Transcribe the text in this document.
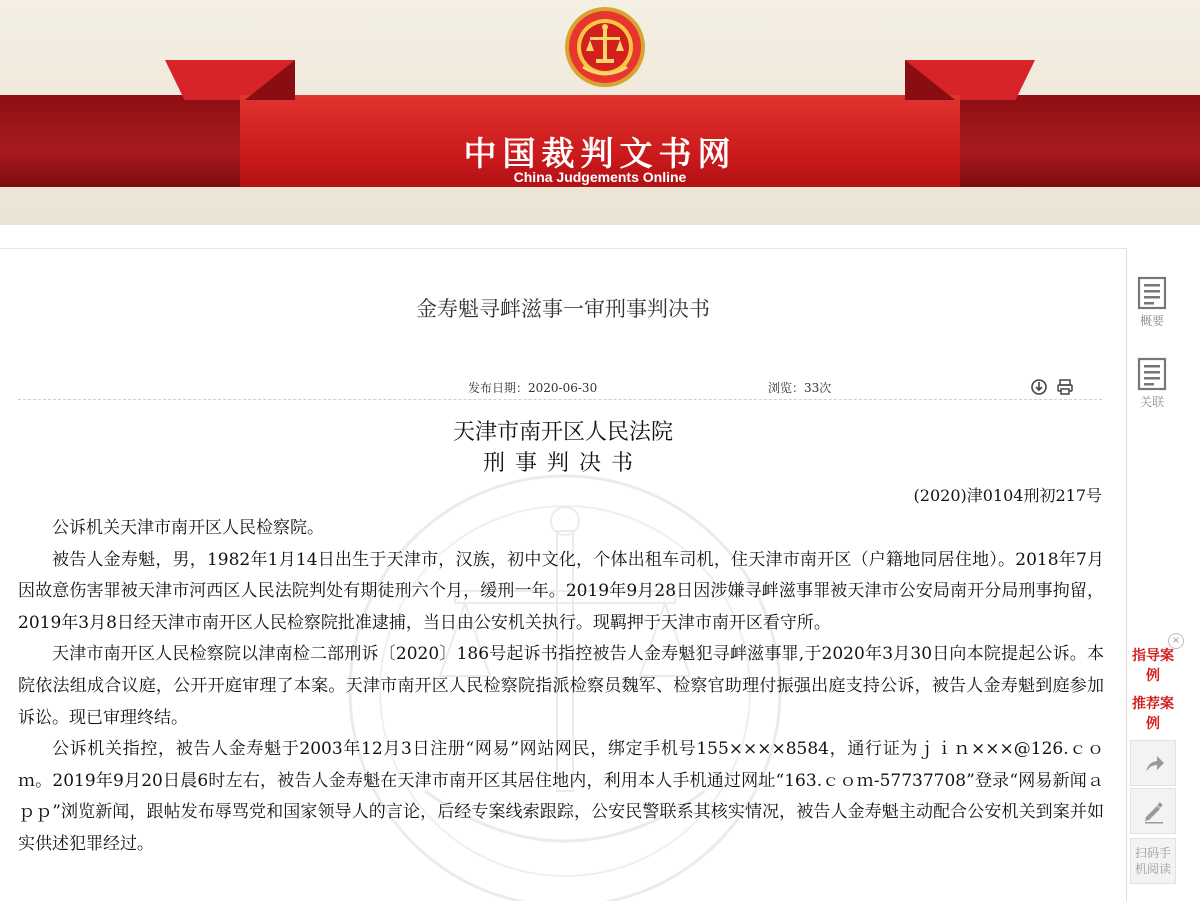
中国裁判文书网
China Judgements Online
金寿魁寻衅滋事一审刑事判决书
发布日期：2020-06-30	浏览：33次
天津市南开区人民法院
刑事判决书
(2020)津0104刑初217号

公诉机关天津市南开区人民检察院。

被告人金寿魁，男，1982年1月14日出生于天津市，汉族，初中文化，个体出租车司机，住天津市南开区（户籍地同居住地）。2018年7月因故意伤害罪被天津市河西区人民法院判处有期徒刑六个月，缓刑一年。2019年9月28日因涉嫌寻衅滋事罪被天津市公安局南开分局刑事拘留，2019年3月8日经天津市南开区人民检察院批准逮捕，当日由公安机关执行。现羁押于天津市南开区看守所。

天津市南开区人民检察院以津南检二部刑诉〔2020〕186号起诉书指控被告人金寿魁犯寻衅滋事罪,于2020年3月30日向本院提起公诉。本院依法组成合议庭，公开开庭审理了本案。天津市南开区人民检察院指派检察员魏军、检察官助理付振强出庭支持公诉，被告人金寿魁到庭参加诉讼。现已审理终结。

公诉机关指控，被告人金寿魁于2003年12月3日注册“网易”网站网民，绑定手机号155××××8584，通行证为ｊｉｎ×××@126.ｃｏｍ。2019年9月20日晨6时左右，被告人金寿魁在天津市南开区其居住地内，利用本人手机通过网址“163.ｃｏｍ-57737708”登录“网易新闻ａｐｐ”浏览新闻，跟帖发布辱骂党和国家领导人的言论，后经专案线索跟踪，公安民警联系其核实情况，被告人金寿魁主动配合公安机关到案并如实供述犯罪经过。

概要
关联
×
指导案例
推荐案例
扫码手机阅读
